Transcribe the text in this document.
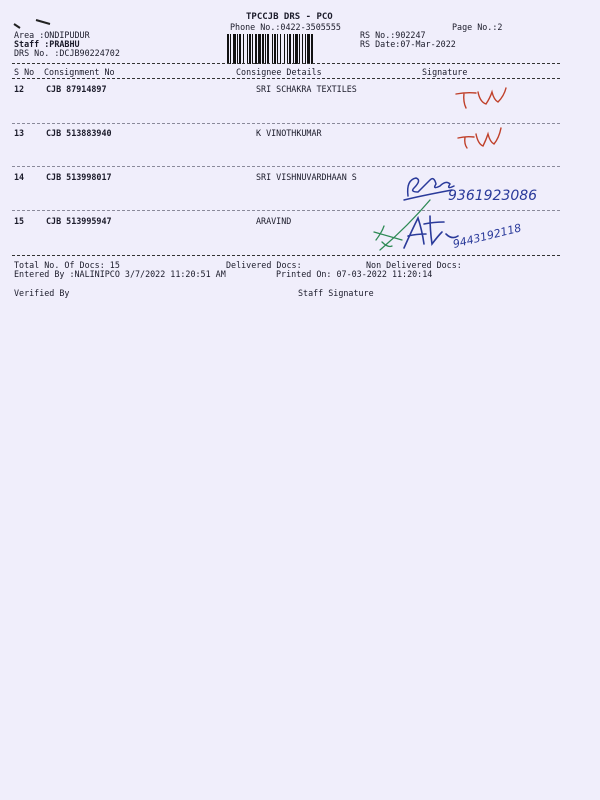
TPCCJB DRS - PCO
Phone No.:0422-3505555	Page No.:2
Area :ONDIPUDUR
Staff :PRABHU
DRS No. :DCJB90224702
RS No.:902247
RS Date:07-Mar-2022
S No Consignment No	Consignee Details	Signature
12	CJB 87914897	SRI SCHAKRA TEXTILES
13	CJB 513883940	K VINOTHKUMAR
14	CJB 513998017	SRI VISHNUVARDHAAN S
9361923086
15	CJB 513995947	ARAVIND
9443192118
Total No. Of Docs: 15	Delivered Docs:	Non Delivered Docs:
Entered By :NALINIPCO 3/7/2022 11:20:51 AM	Printed On: 07-03-2022 11:20:14
Verified By	Staff Signature
